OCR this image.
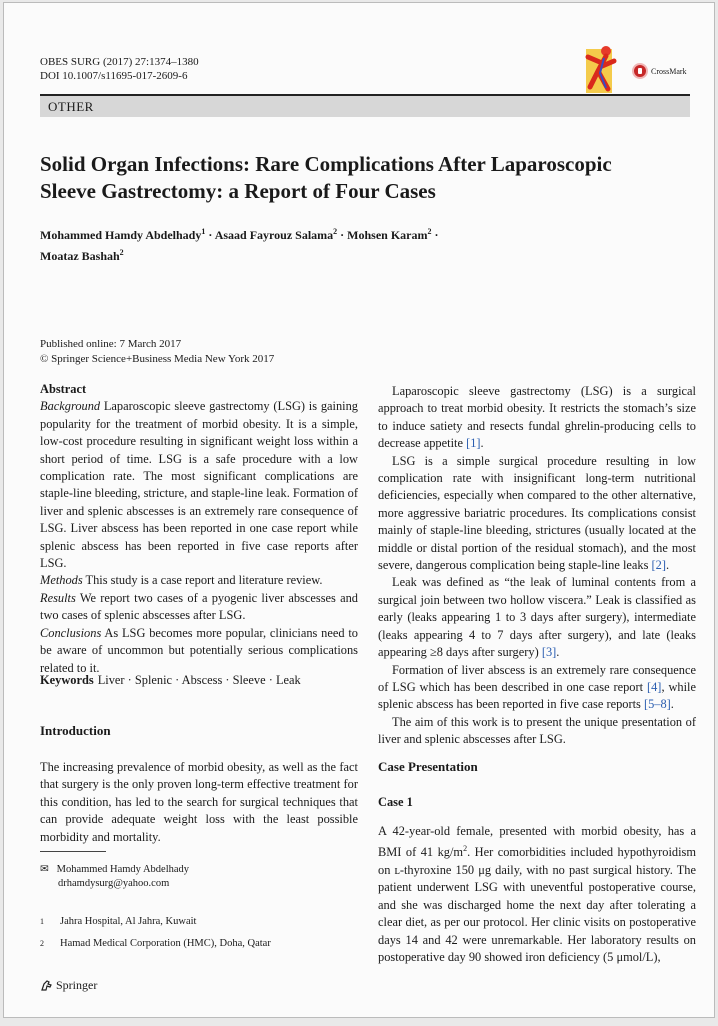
OBES SURG (2017) 27:1374–1380
DOI 10.1007/s11695-017-2609-6	CrossMark
OTHER
Solid Organ Infections: Rare Complications After Laparoscopic
Sleeve Gastrectomy: a Report of Four Cases
Mohammed Hamdy Abdelhady$^1$ · Asaad Fayrouz Salama$^2$ · Mohsen Karam$^2$ ·
Moataz Bashah$^2$
Published online: 7 March 2017
© Springer Science+Business Media New York 2017
Abstract

Background Laparoscopic sleeve gastrectomy (LSG) is gaining popularity for the treatment of morbid obesity. It is a simple, low-cost procedure resulting in significant weight loss within a short period of time. LSG is a safe procedure with a low complication rate. The most significant complications are staple-line bleeding, stricture, and staple-line leak. Formation of liver and splenic abscesses is an extremely rare consequence of LSG. Liver abscess has been reported in one case report while splenic abscess has been reported in five case reports after LSG.

Methods This study is a case report and literature review.

Results We report two cases of a pyogenic liver abscesses and two cases of splenic abscesses after LSG.

Conclusions As LSG becomes more popular, clinicians need to be aware of uncommon but potentially serious complications related to it.

Keywords Liver · Splenic · Abscess · Sleeve · Leak
Introduction
The increasing prevalence of morbid obesity, as well as the fact that surgery is the only proven long-term effective treatment for this condition, has led to the search for surgical techniques that can provide adequate weight loss with the least possible morbidity and mortality.
✉ Mohammed Hamdy Abdelhady
drhamdysurg@yahoo.com
1 Jahra Hospital, Al Jahra, Kuwait
2 Hamad Medical Corporation (HMC), Doha, Qatar
Springer

Laparoscopic sleeve gastrectomy (LSG) is a surgical approach to treat morbid obesity. It restricts the stomach’s size to induce satiety and resects fundal ghrelin-producing cells to decrease appetite [1].

LSG is a simple surgical procedure resulting in low complication rate with insignificant long-term nutritional deficiencies, especially when compared to the other alternative, more aggressive bariatric procedures. Its complications consist mainly of staple-line bleeding, strictures (usually located at the middle or distal portion of the residual stomach), and the most severe, dangerous complication being staple-line leaks [2].

Leak was defined as “the leak of luminal contents from a surgical join between two hollow viscera.” Leak is classified as early (leaks appearing 1 to 3 days after surgery), intermediate (leaks appearing 4 to 7 days after surgery), and late (leaks appearing ≥8 days after surgery) [3].

Formation of liver abscess is an extremely rare consequence of LSG which has been described in one case report [4], while splenic abscess has been reported in five case reports [5–8].

The aim of this work is to present the unique presentation of liver and splenic abscesses after LSG.

Case Presentation
Case 1
A 42-year-old female, presented with morbid obesity, has a BMI of 41 $kg/m^2$. Her comorbidities included hypothyroidism on ʟ-thyroxine 150 μg daily, with no past surgical history. The patient underwent LSG with uneventful postoperative course, and she was discharged home the next day after tolerating a clear diet, as per our protocol. Her clinic visits on postoperative days 14 and 42 were unremarkable. Her laboratory results on postoperative day 90 showed iron deficiency (5 μmol/L),
